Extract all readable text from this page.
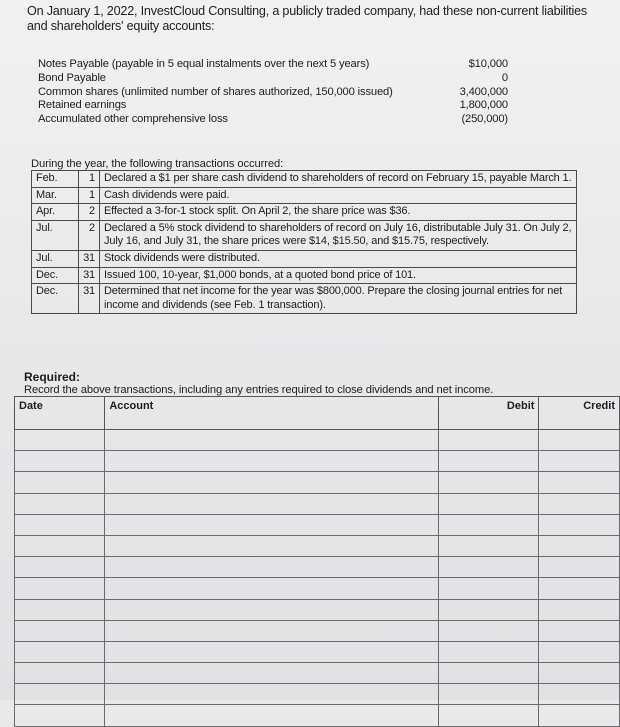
On January 1, 2022, InvestCloud Consulting, a publicly traded company, had these non-current liabilities and shareholders' equity accounts:
Notes Payable (payable in 5 equal instalments over the next 5 years)	$10,000
Bond Payable	0
Common shares (unlimited number of shares authorized, 150,000 issued)	3,400,000
Retained earnings	1,800,000
Accumulated other comprehensive loss	(250,000)
During the year, the following transactions occurred:
Feb.	1	Declared a $1 per share cash dividend to shareholders of record on February 15, payable March 1.
Mar.	1	Cash dividends were paid.
Apr.	2	Effected a 3-for-1 stock split. On April 2, the share price was $36.
Jul.	2	Declared a 5% stock dividend to shareholders of record on July 16, distributable July 31. On July 2, July 16, and July 31, the share prices were $14, $15.50, and $15.75, respectively.
Jul.	31	Stock dividends were distributed.
Dec.	31	Issued 100, 10-year, $1,000 bonds, at a quoted bond price of 101.
Dec.	31	Determined that net income for the year was $800,000. Prepare the closing journal entries for net income and dividends (see Feb. 1 transaction).
Required:
Record the above transactions, including any entries required to close dividends and net income.
Date	Account	Debit	Credit
